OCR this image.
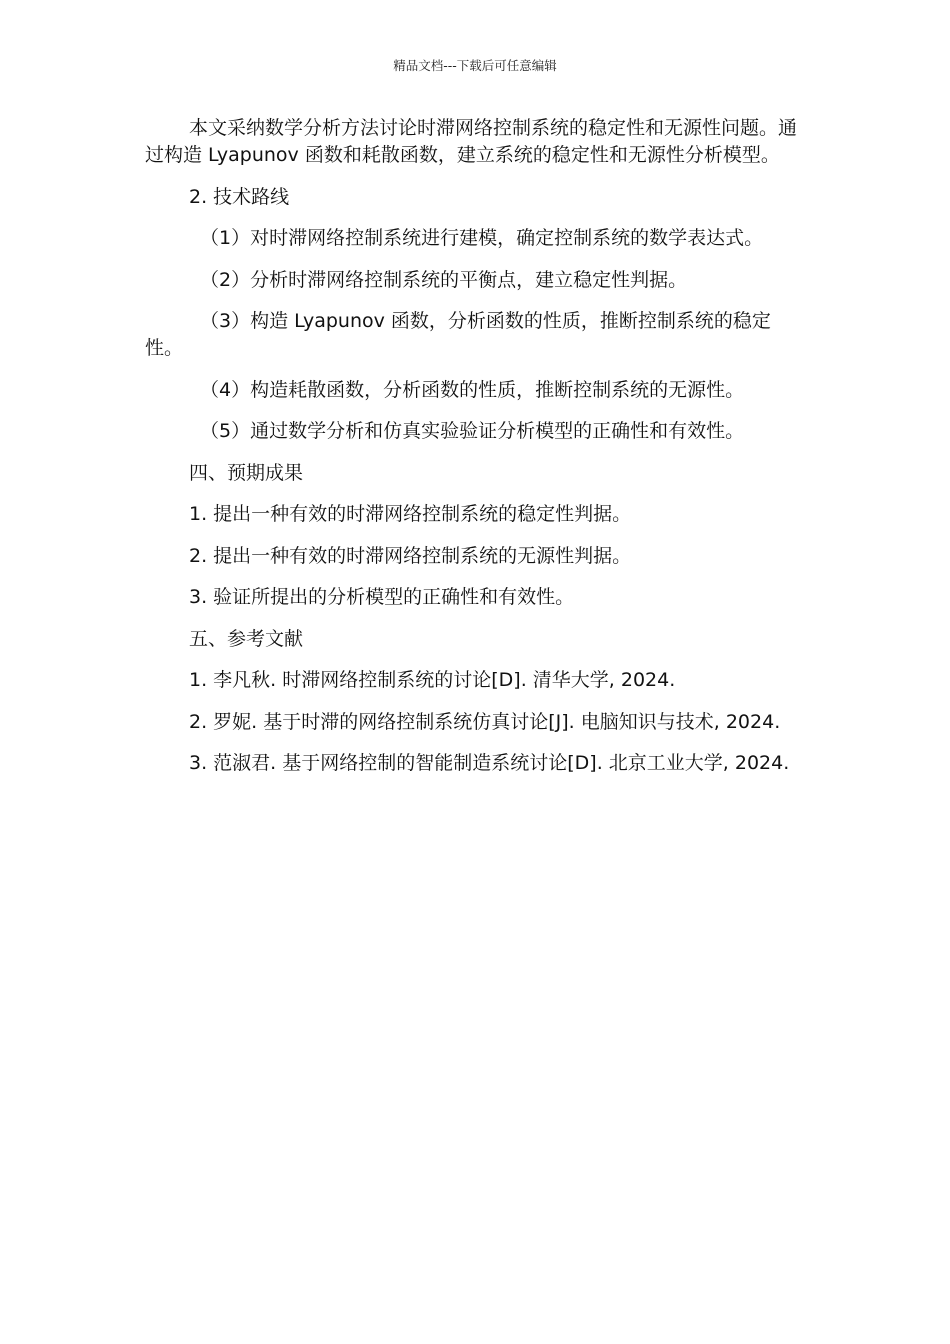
精品文档---下载后可任意编辑

本文采纳数学分析方法讨论时滞网络控制系统的稳定性和无源性问题。通过构造 Lyapunov 函数和耗散函数，建立系统的稳定性和无源性分析模型。

2. 技术路线

（1）对时滞网络控制系统进行建模，确定控制系统的数学表达式。

（2）分析时滞网络控制系统的平衡点，建立稳定性判据。

（3）构造 Lyapunov 函数，分析函数的性质，推断控制系统的稳定性。

（4）构造耗散函数，分析函数的性质，推断控制系统的无源性。

（5）通过数学分析和仿真实验验证分析模型的正确性和有效性。

四、预期成果

1. 提出一种有效的时滞网络控制系统的稳定性判据。

2. 提出一种有效的时滞网络控制系统的无源性判据。

3. 验证所提出的分析模型的正确性和有效性。

五、参考文献

1. 李凡秋. 时滞网络控制系统的讨论[D]. 清华大学, 2024.

2. 罗妮. 基于时滞的网络控制系统仿真讨论[J]. 电脑知识与技术, 2024.

3. 范淑君. 基于网络控制的智能制造系统讨论[D]. 北京工业大学, 2024.
